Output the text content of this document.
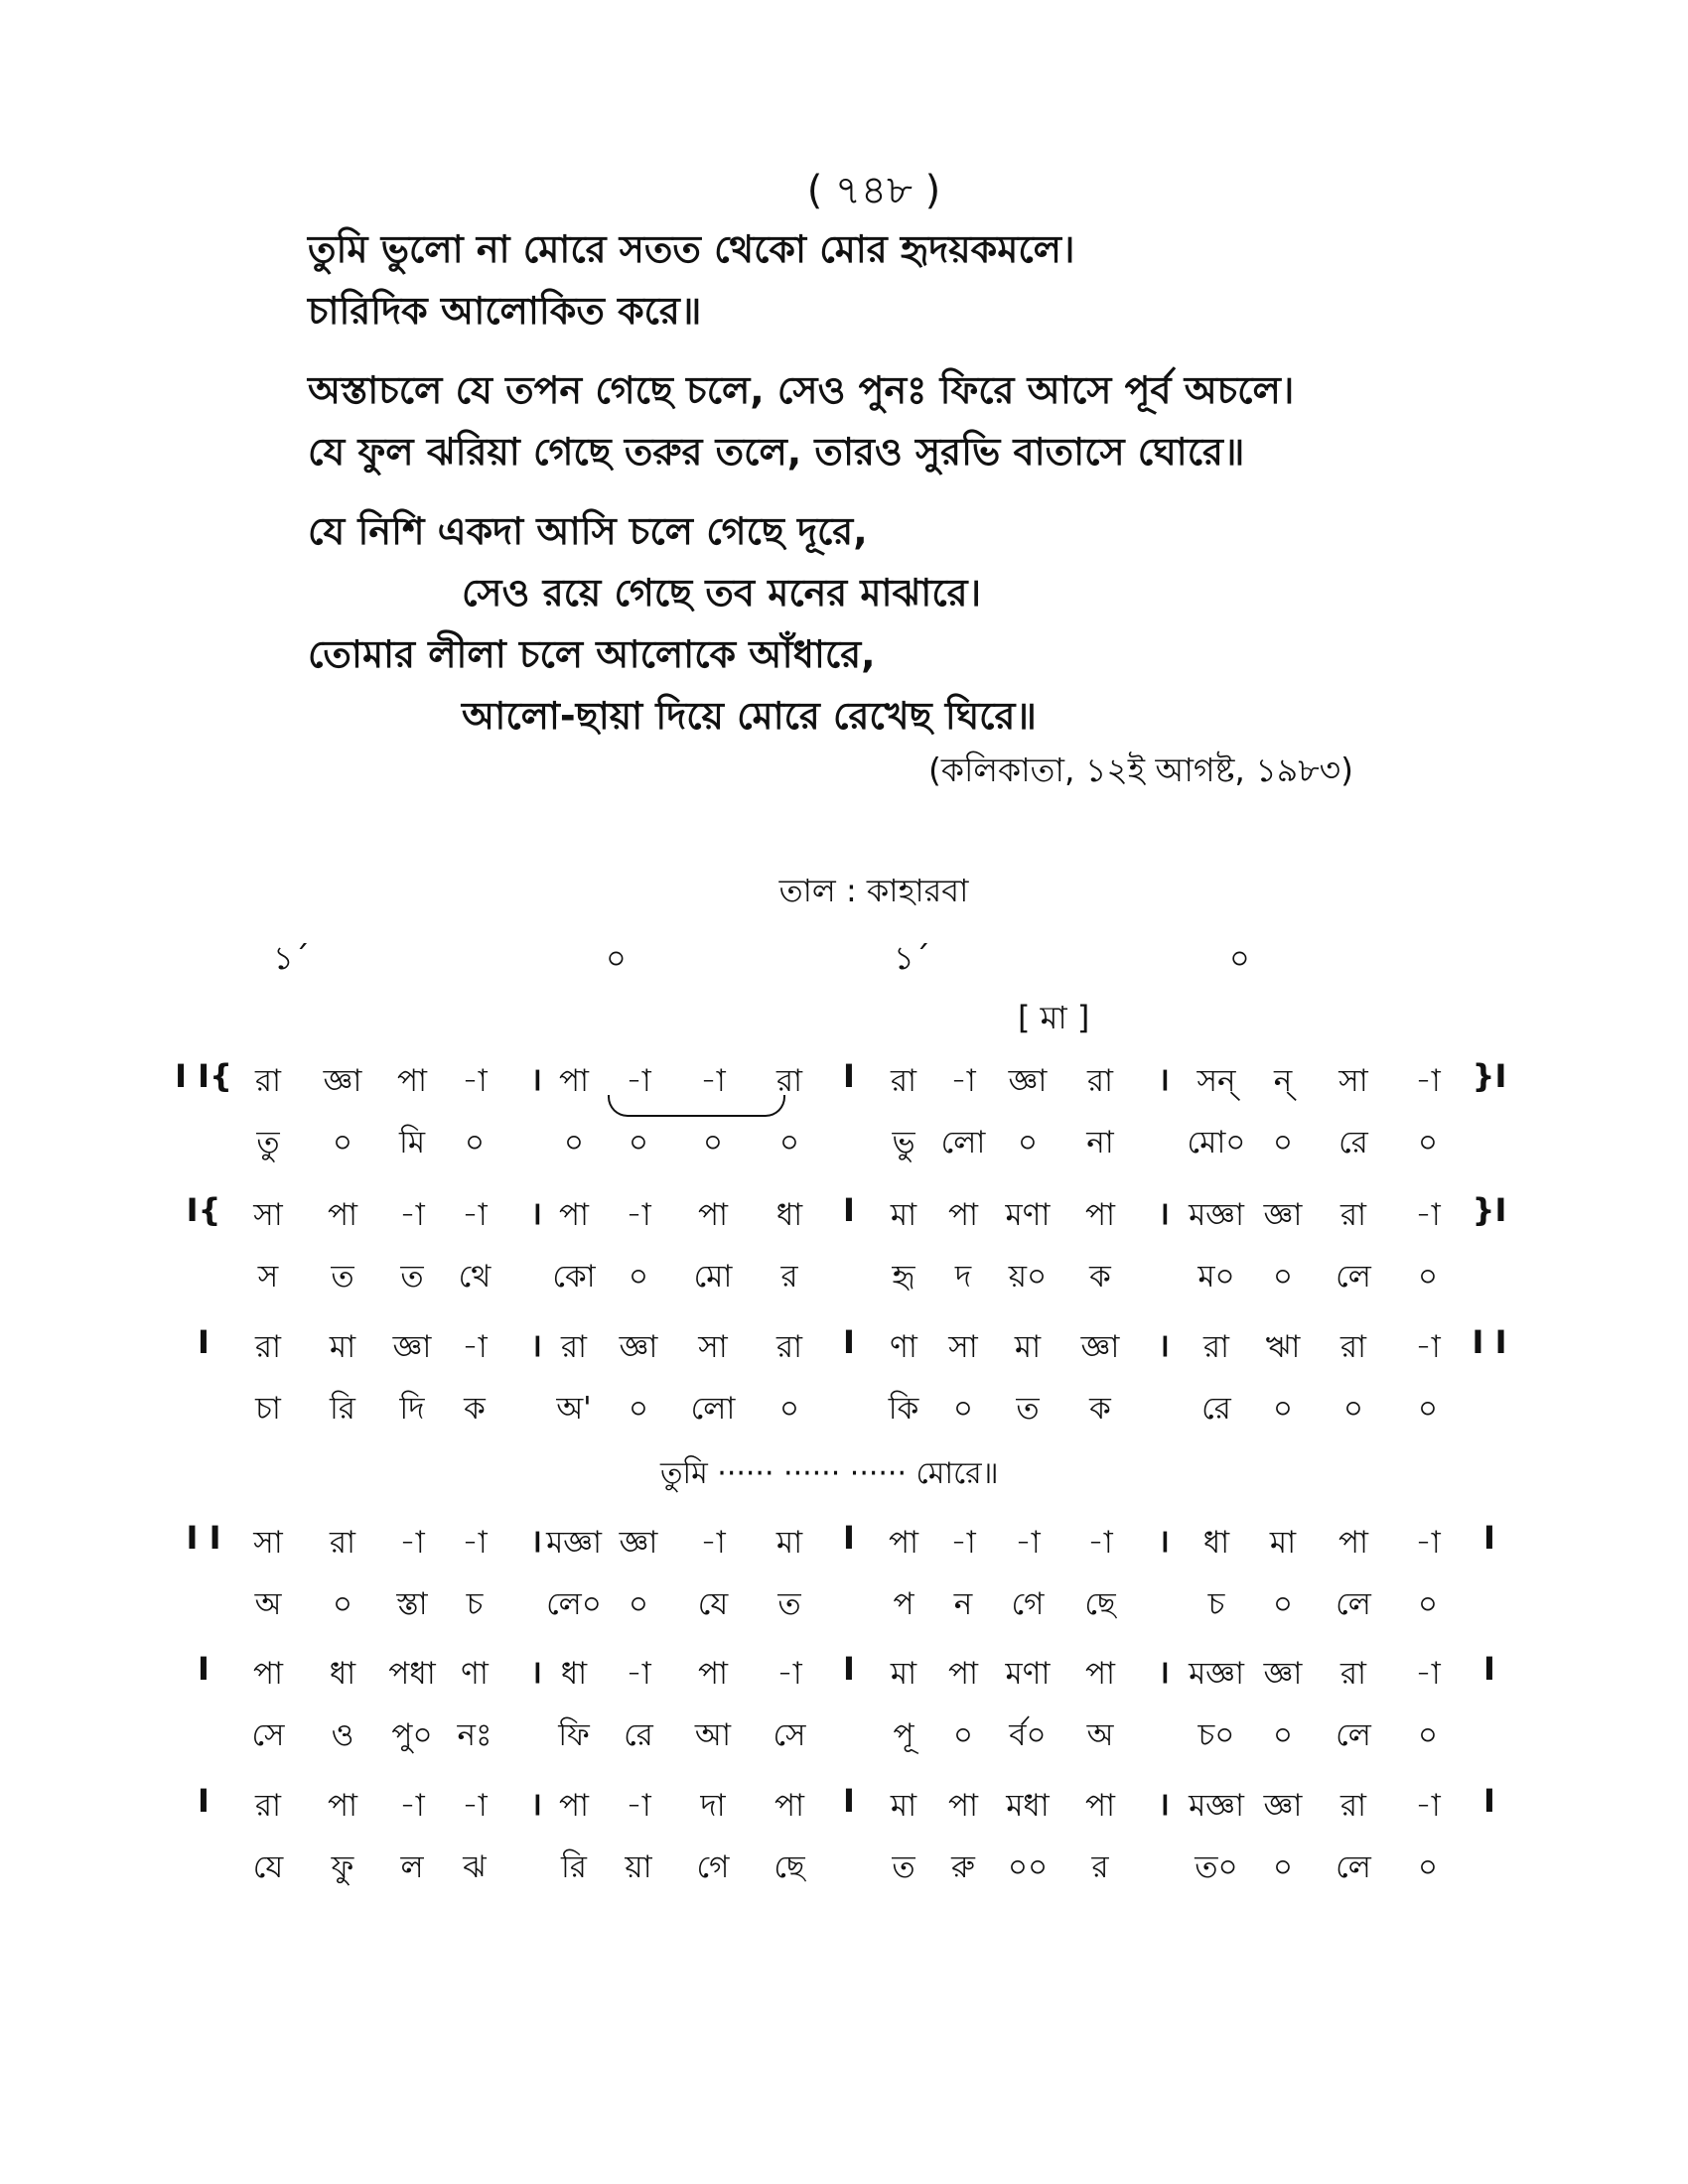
( ৭৪৮ )
তুমি ভুলো না মোরে সতত থেকো মোর হৃদয়কমলে।
চারিদিক আলোকিত করে॥
অস্তাচলে যে তপন গেছে চলে, সেও পুনঃ ফিরে আসে পূর্ব অচলে।
যে ফুল ঝরিয়া গেছে তরুর তলে, তারও সুরভি বাতাসে ঘোরে॥
যে নিশি একদা আসি চলে গেছে দূরে,
সেও রয়ে গেছে তব মনের মাঝারে।
তোমার লীলা চলে আলোকে আঁধারে,
আলো-ছায়া দিয়ে মোরে রেখেছ ঘিরে॥
(কলিকাতা, ১২ই আগষ্ট, ১৯৮৩)
তাল : কাহারবা
১´	০	১´	০
[ মা ]
I I{	।	I	।	}I
রা জ্ঞা পা -া পা -া -া রা	রা -া জ্ঞা রা	সন্ ন্ সা -া
তু ০ মি ০	০ ০ ০ ০	ভু লো ০ না মো০ ০ রে ০
I{	।	I	।	}I
সা পা -া -া পা -া পা ধা	মা পা মণা পা মজ্ঞা জ্ঞা রা -া
স ত ত থে কো ০ মো র	হৃ দ য়০ ক	ম০ ০ লে ০
I	।	I	।	I I
রা মা জ্ঞা -া রা জ্ঞা সা রা	ণা সা মা জ্ঞা	রা ঋা রা -া
চা রি দি ক অ' ০ লো ০	কি ০ ত ক	রে ০ ০ ০
I I	।	I	।	I
সা রা -া -া মজ্ঞা জ্ঞা -া মা	পা -া -া -া	ধা মা পা -া
অ ০ স্তা চ লে০ ০ যে ত	প ন গে ছে	চ ০ লে ০
I	।	I	।	I
পা ধা পধা ণা ধা -া পা -া	মা পা মণা পা মজ্ঞা জ্ঞা রা -া
সে ও পু০ নঃ ফি রে আ সে	পূ ০ র্ব০ অ	চ০ ০ লে ০
I	।	I	।	I
রা পা -া -া পা -া দা পা	মা পা মধা পা মজ্ঞা জ্ঞা রা -া
যে ফু ল ঝ রি য়া গে ছে	ত রু ০০ র	ত০ ০ লে ০
তুমি ······ ······ ······ মোরে॥
